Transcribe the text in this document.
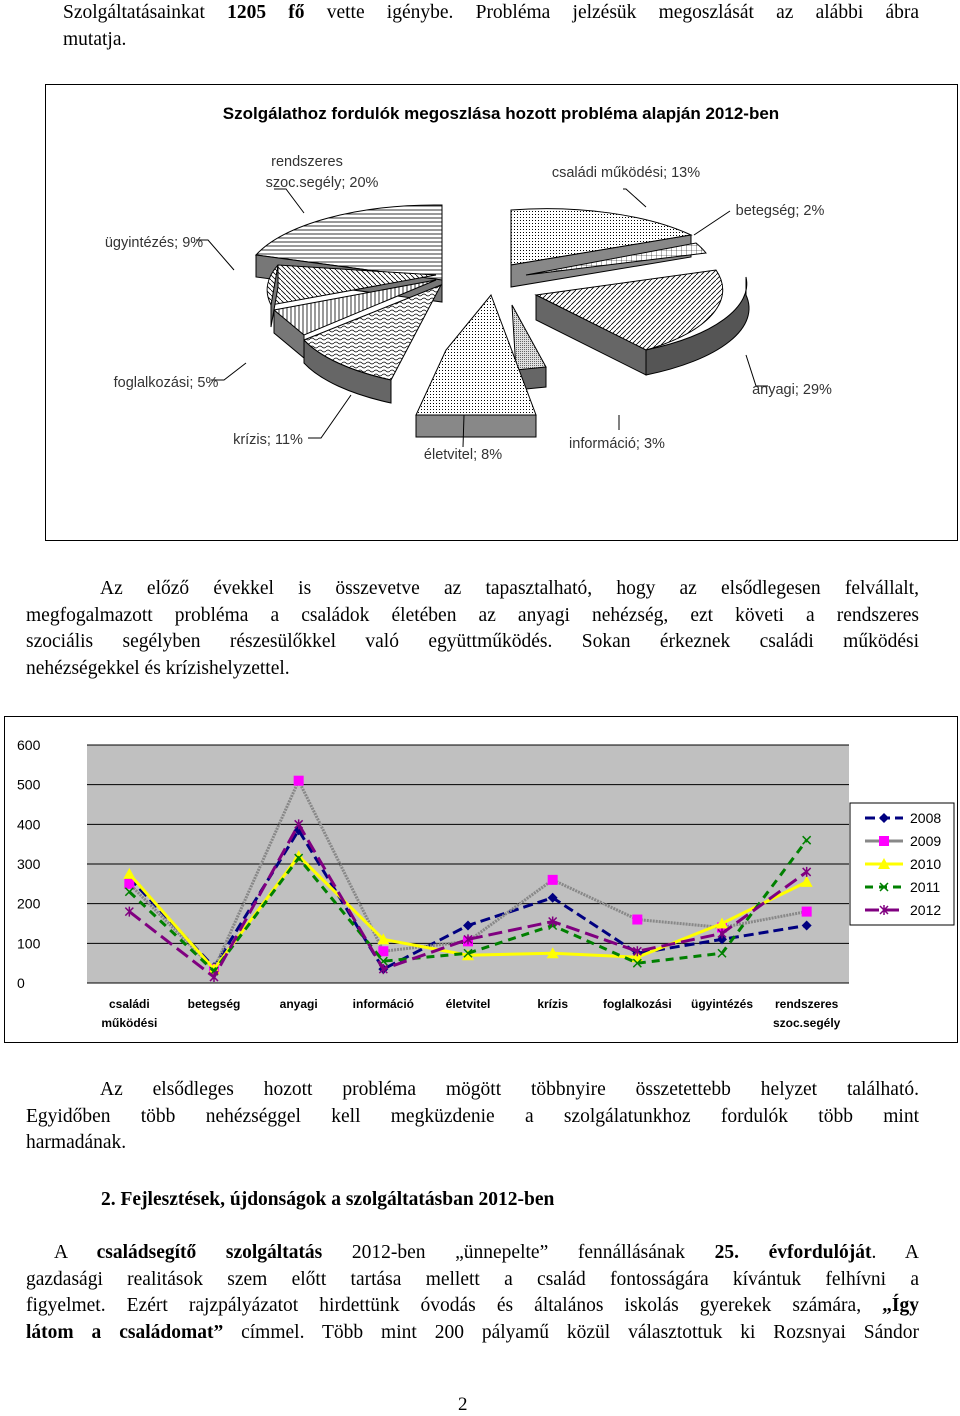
Szolgáltatásainkat 1205 fő vette igénybe. Probléma jelzésük megoszlását az alábbi ábra
mutatja.
Szolgálathoz fordulók megoszlása hozott probléma alapján 2012-ben
rendszeres
szoc.segély; 20%
családi működési; 13%
betegség; 2%
ügyintézés; 9%
foglalkozási; 5%	anyagi; 29%
krízis; 11%
életvitel; 8%
információ; 3%
Az előző évekkel is összevetve az tapasztalható, hogy az elsődlegesen felvállalt,
megfogalmazott probléma a családok életében az anyagi nehézség, ezt követi a rendszeres
szociális segélyben részesülőkkel való együttműködés. Sokan érkeznek családi működési
nehézségekkel és krízishelyzettel.
0
100
200
300
400
500
600
családi
működési
betegség	anyagi	információ	életvitel	krízis	foglalkozási ügyintézés rendszeres
szoc.segély
2008
2009
2010
2011
2012
Az elsődleges hozott probléma mögött többnyire összetettebb helyzet található.
Egyidőben több nehézséggel kell megküzdenie a szolgálatunkhoz fordulók több mint
harmadának.
2. Fejlesztések, újdonságok a szolgáltatásban 2012-ben
A családsegítő szolgáltatás 2012-ben „ünnepelte” fennállásának 25. évfordulóját. A
gazdasági realitások szem előtt tartása mellett a család fontosságára kívántuk felhívni a
figyelmet. Ezért rajzpályázatot hirdettünk óvodás és általános iskolás gyerekek számára, „Így
látom a családomat” címmel. Több mint 200 pályamű közül választottuk ki Rozsnyai Sándor
2
